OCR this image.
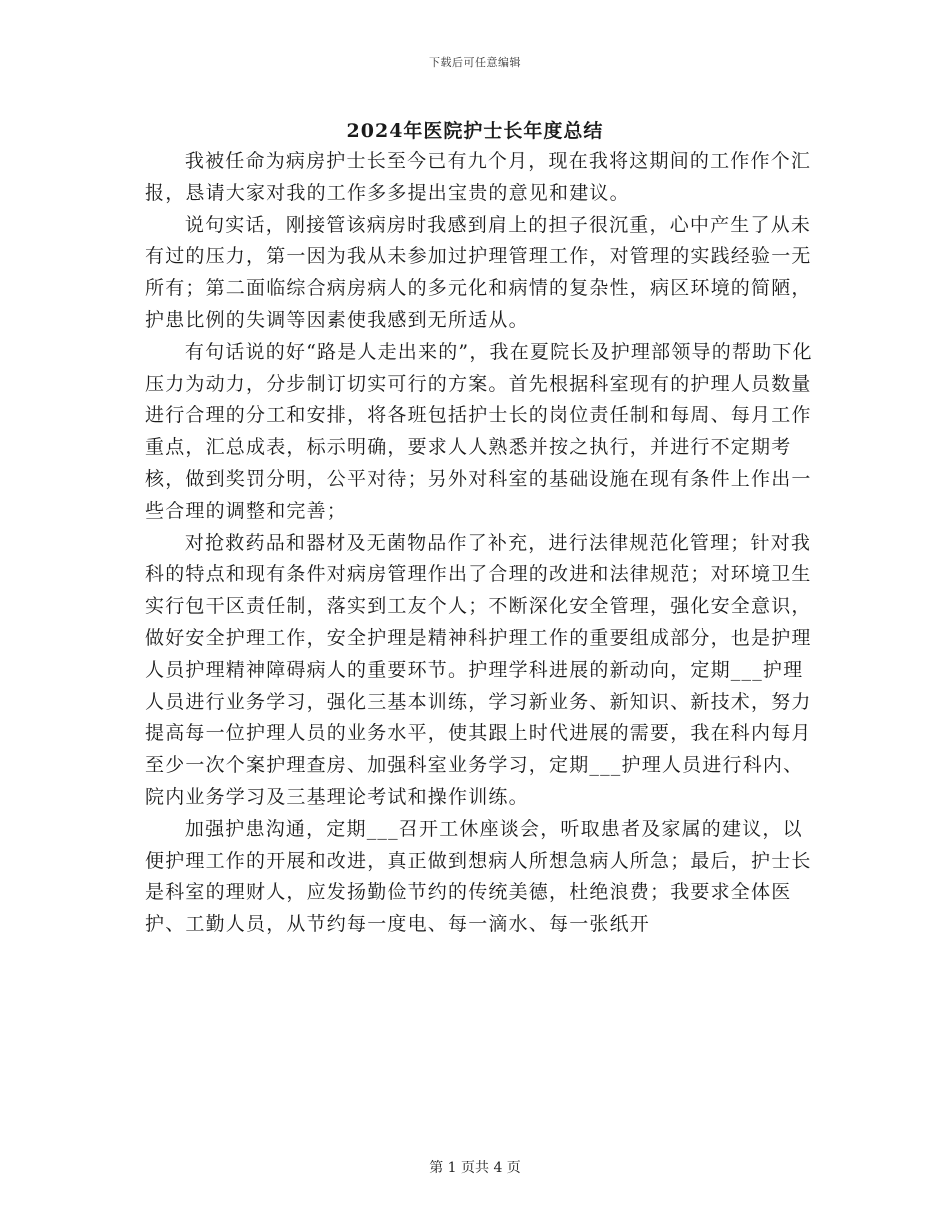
下载后可任意编辑
2024年医院护士长年度总结

我被任命为病房护士长至今已有九个月，现在我将这期间的工作作个汇报，恳请大家对我的工作多多提出宝贵的意见和建议。

说句实话，刚接管该病房时我感到肩上的担子很沉重，心中产生了从未有过的压力，第一因为我从未参加过护理管理工作，对管理的实践经验一无所有；第二面临综合病房病人的多元化和病情的复杂性，病区环境的简陋，护患比例的失调等因素使我感到无所适从。

有句话说的好“路是人走出来的”，我在夏院长及护理部领导的帮助下化压力为动力，分步制订切实可行的方案。首先根据科室现有的护理人员数量进行合理的分工和安排，将各班包括护士长的岗位责任制和每周、每月工作重点，汇总成表，标示明确，要求人人熟悉并按之执行，并进行不定期考核，做到奖罚分明，公平对待；另外对科室的基础设施在现有条件上作出一些合理的调整和完善；

对抢救药品和器材及无菌物品作了补充，进行法律规范化管理；针对我科的特点和现有条件对病房管理作出了合理的改进和法律规范；对环境卫生实行包干区责任制，落实到工友个人；不断深化安全管理，强化安全意识，做好安全护理工作，安全护理是精神科护理工作的重要组成部分，也是护理人员护理精神障碍病人的重要环节。护理学科进展的新动向，定期___护理人员进行业务学习，强化三基本训练，学习新业务、新知识、新技术，努力提高每一位护理人员的业务水平，使其跟上时代进展的需要，我在科内每月至少一次个案护理查房、加强科室业务学习，定期___护理人员进行科内、院内业务学习及三基理论考试和操作训练。

加强护患沟通，定期___召开工休座谈会，听取患者及家属的建议，以便护理工作的开展和改进，真正做到想病人所想急病人所急；最后，护士长是科室的理财人，应发扬勤俭节约的传统美德，杜绝浪费；我要求全体医护、工勤人员，从节约每一度电、每一滴水、每一张纸开

第 1 页共 4 页
